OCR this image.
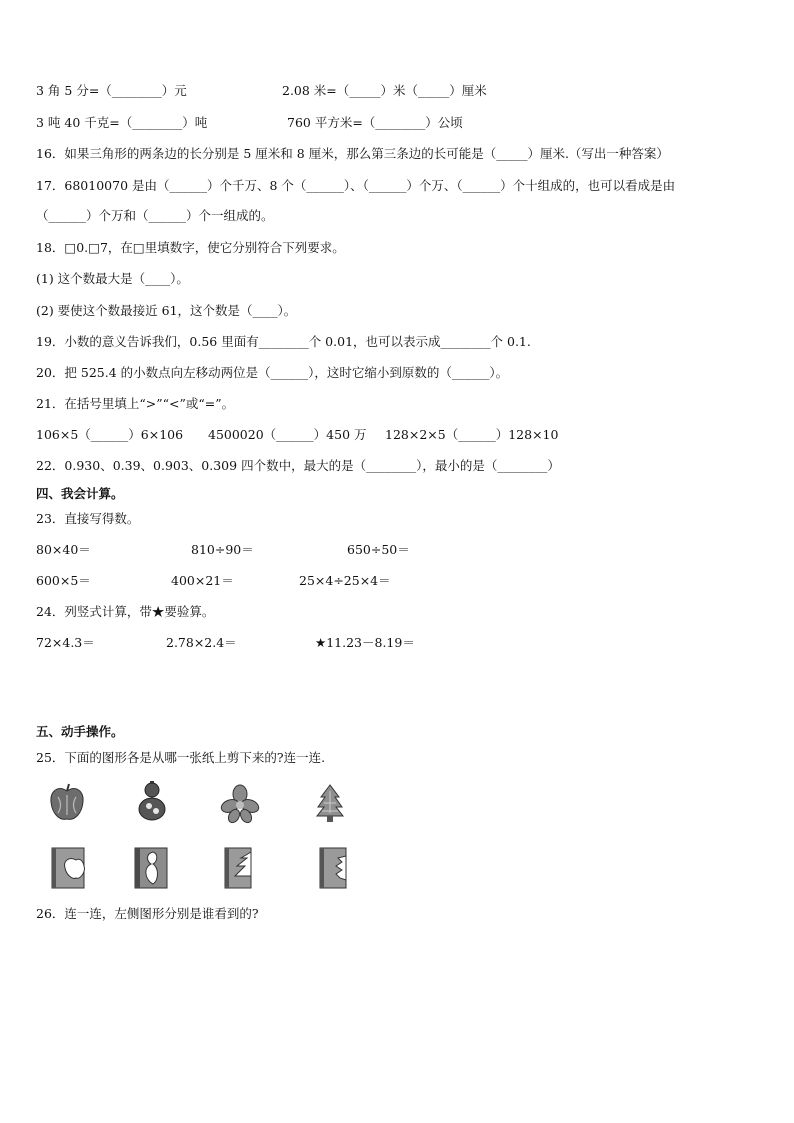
3 角 5 分=（________）元	2.08 米=（_____）米（_____）厘米
3 吨 40 千克=（________）吨	760 平方米=（________）公顷
16．如果三角形的两条边的长分别是 5 厘米和 8 厘米，那么第三条边的长可能是（_____）厘米.（写出一种答案）
17．68010070 是由（______）个千万、8 个（______）、（______）个万、（______）个十组成的，也可以看成是由
（______）个万和（______）个一组成的。
18．□0.□7，在□里填数字，使它分别符合下列要求。
(1) 这个数最大是（____）。
(2) 要使这个数最接近 61，这个数是（____）。
19．小数的意义告诉我们，0.56 里面有________个 0.01，也可以表示成________个 0.1.
20．把 525.4 的小数点向左移动两位是（______），这时它缩小到原数的（______）。
21．在括号里填上“>”“<”或“=”。
106×5（______）6×106 4500020（______）450 万 128×2×5（______）128×10
22．0.930、0.39、0.903、0.309 四个数中，最大的是（________），最小的是（________）
四、我会计算。
23．直接写得数。
80×40＝	810÷90＝	650÷50＝
600×5＝	400×21＝	25×4÷25×4＝
24．列竖式计算，带★要验算。
72×4.3＝	2.78×2.4＝	★11.23－8.19＝
五、动手操作。
25．下面的图形各是从哪一张纸上剪下来的?连一连.
26．连一连，左侧图形分别是谁看到的?
